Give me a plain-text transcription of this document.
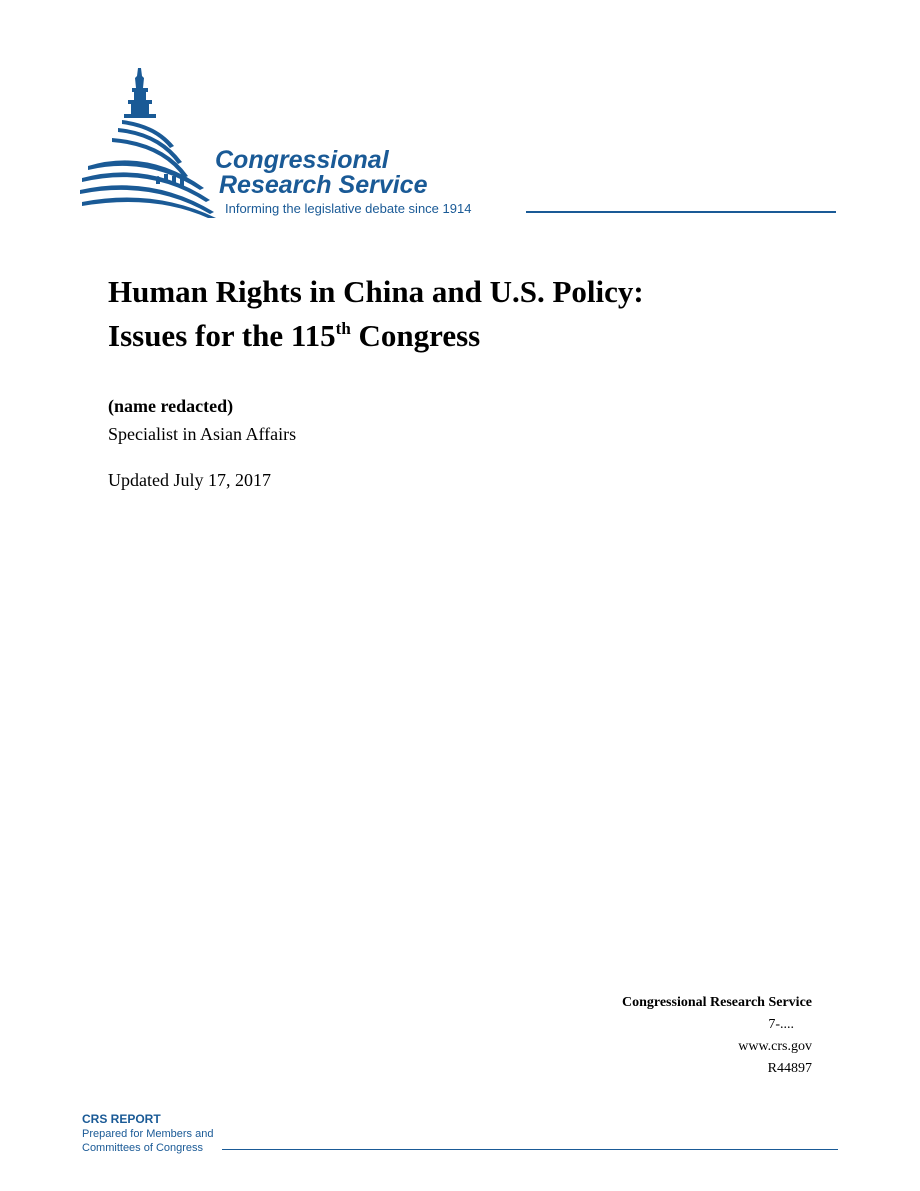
Congressional
Research Service
Informing the legislative debate since 1914
Human Rights in China and U.S. Policy:
Issues for the 115th Congress
(name redacted)
Specialist in Asian Affairs
Updated July 17, 2017
Congressional Research Service
7-....
www.crs.gov
R44897
CRS REPORT
Prepared for Members and
Committees of Congress
